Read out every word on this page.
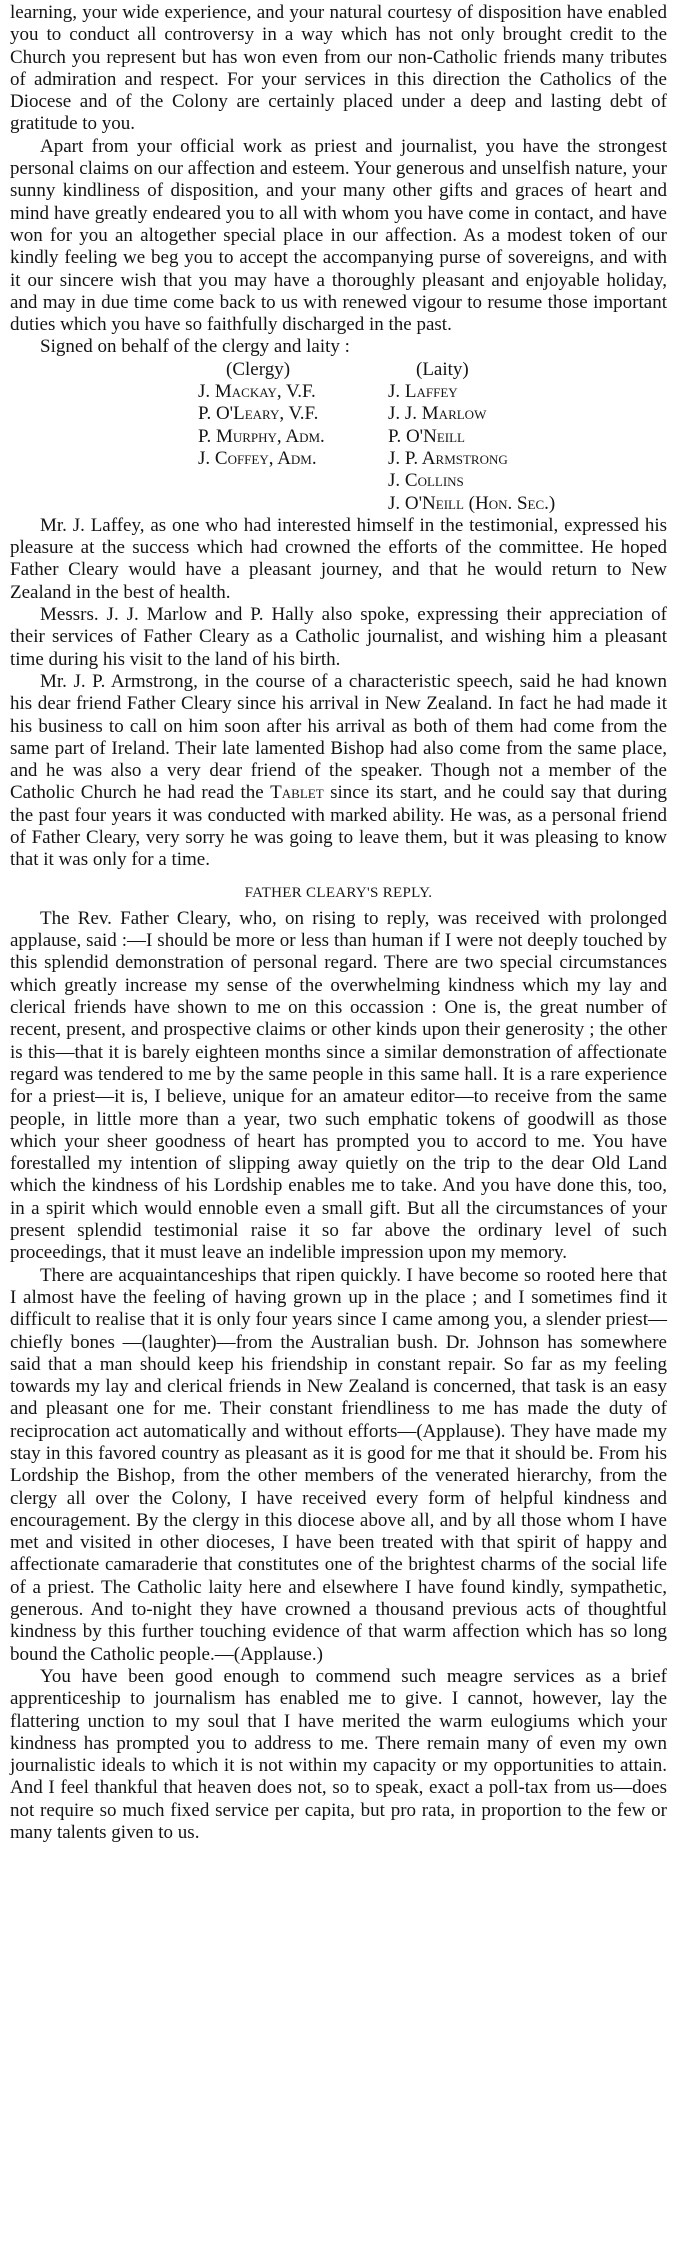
learning, your wide experience, and your natural courtesy of disposition have enabled you to conduct all controversy in a way which has not only brought credit to the Church you represent but has won even from our non-Catholic friends many tributes of admiration and respect. For your services in this direction the Catholics of the Diocese and of the Colony are certainly placed under a deep and lasting debt of gratitude to you.

Apart from your official work as priest and journalist, you have the strongest personal claims on our affection and esteem. Your generous and unselfish nature, your sunny kindliness of disposition, and your many other gifts and graces of heart and mind have greatly endeared you to all with whom you have come in contact, and have won for you an altogether special place in our affection. As a modest token of our kindly feeling we beg you to accept the accompanying purse of sovereigns, and with it our sincere wish that you may have a thoroughly pleasant and enjoyable holiday, and may in due time come back to us with renewed vigour to resume those important duties which you have so faithfully discharged in the past.

Signed on behalf of the clergy and laity :

(Clergy)
J. Mackay, V.F.
P. O'Leary, V.F.
P. Murphy, Adm.
J. Coffey, Adm.
(Laity)
J. Laffey
J. J. Marlow
P. O'Neill
J. P. Armstrong
J. Collins
J. O'Neill (Hon. Sec.)

Mr. J. Laffey, as one who had interested himself in the testimonial, expressed his pleasure at the success which had crowned the efforts of the committee. He hoped Father Cleary would have a pleasant journey, and that he would return to New Zealand in the best of health.

Messrs. J. J. Marlow and P. Hally also spoke, expressing their appreciation of their services of Father Cleary as a Catholic journalist, and wishing him a pleasant time during his visit to the land of his birth.

Mr. J. P. Armstrong, in the course of a characteristic speech, said he had known his dear friend Father Cleary since his arrival in New Zealand. In fact he had made it his business to call on him soon after his arrival as both of them had come from the same part of Ireland. Their late lamented Bishop had also come from the same place, and he was also a very dear friend of the speaker. Though not a member of the Catholic Church he had read the Tablet since its start, and he could say that during the past four years it was conducted with marked ability. He was, as a personal friend of Father Cleary, very sorry he was going to leave them, but it was pleasing to know that it was only for a time.

FATHER CLEARY'S REPLY.

The Rev. Father Cleary, who, on rising to reply, was received with prolonged applause, said :—I should be more or less than human if I were not deeply touched by this splendid demonstration of personal regard. There are two special circumstances which greatly increase my sense of the overwhelming kindness which my lay and clerical friends have shown to me on this occassion : One is, the great number of recent, present, and prospective claims or other kinds upon their generosity ; the other is this—that it is barely eighteen months since a similar demonstration of affectionate regard was tendered to me by the same people in this same hall. It is a rare experience for a priest—it is, I believe, unique for an amateur editor—to receive from the same people, in little more than a year, two such emphatic tokens of goodwill as those which your sheer goodness of heart has prompted you to accord to me. You have forestalled my intention of slipping away quietly on the trip to the dear Old Land which the kindness of his Lordship enables me to take. And you have done this, too, in a spirit which would ennoble even a small gift. But all the circumstances of your present splendid testimonial raise it so far above the ordinary level of such proceedings, that it must leave an indelible impression upon my memory.

There are acquaintanceships that ripen quickly. I have become so rooted here that I almost have the feeling of having grown up in the place ; and I sometimes find it difficult to realise that it is only four years since I came among you, a slender priest—chiefly bones —(laughter)—from the Australian bush. Dr. Johnson has somewhere said that a man should keep his friendship in constant repair. So far as my feeling towards my lay and clerical friends in New Zealand is concerned, that task is an easy and pleasant one for me. Their constant friendliness to me has made the duty of reciprocation act automatically and without efforts—(Applause). They have made my stay in this favored country as pleasant as it is good for me that it should be. From his Lordship the Bishop, from the other members of the venerated hierarchy, from the clergy all over the Colony, I have received every form of helpful kindness and encouragement. By the clergy in this diocese above all, and by all those whom I have met and visited in other dioceses, I have been treated with that spirit of happy and affectionate camaraderie that constitutes one of the brightest charms of the social life of a priest. The Catholic laity here and elsewhere I have found kindly, sympathetic, generous. And to-night they have crowned a thousand previous acts of thoughtful kindness by this further touching evidence of that warm affection which has so long bound the Catholic people.—(Applause.)

You have been good enough to commend such meagre services as a brief apprenticeship to journalism has enabled me to give. I cannot, however, lay the flattering unction to my soul that I have merited the warm eulogiums which your kindness has prompted you to address to me. There remain many of even my own journalistic ideals to which it is not within my capacity or my opportunities to attain. And I feel thankful that heaven does not, so to speak, exact a poll-tax from us—does not require so much fixed service per capita, but pro rata, in proportion to the few or many talents given to us.
